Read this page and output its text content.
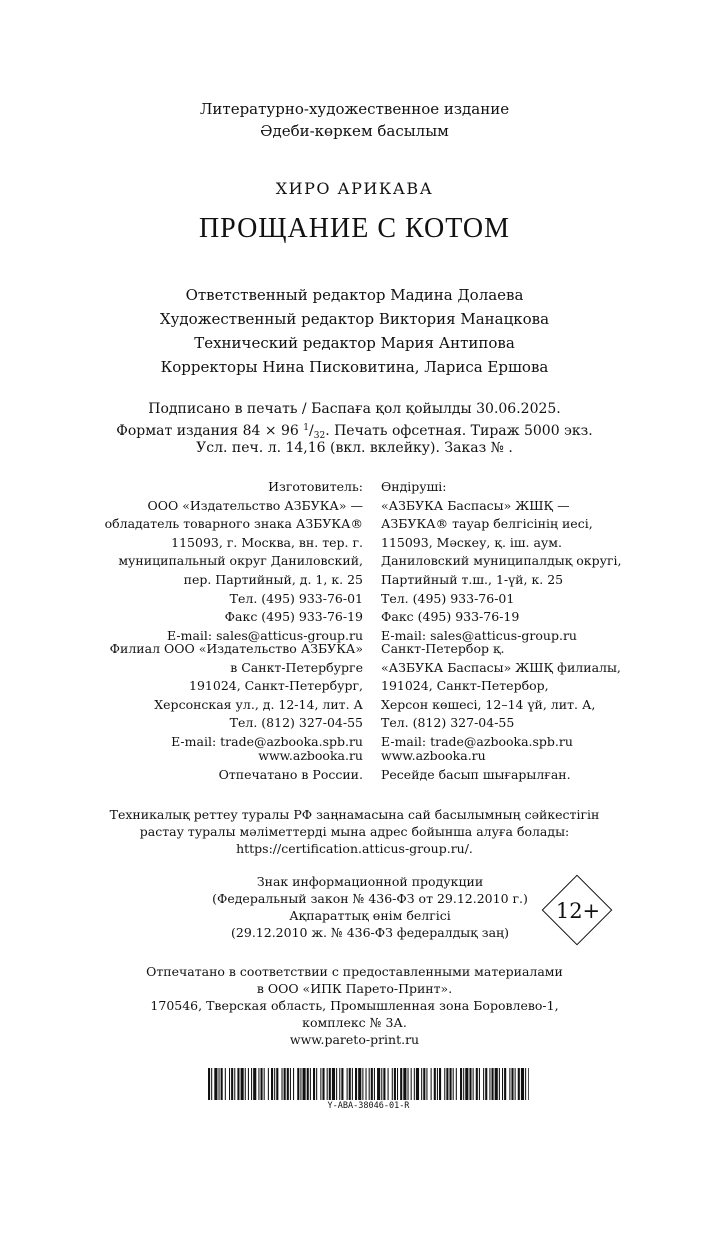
Литературно-художественное издание
Әдеби-көркем басылым
ХИРО АРИКАВА
ПРОЩАНИЕ С КОТОМ
Ответственный редактор Мадина Долаева
Художественный редактор Виктория Манацкова
Технический редактор Мария Антипова
Корректоры Нина Писковитина, Лариса Ершова
Подписано в печать / Баспаға қол қойылды 30.06.2025.
Формат издания 84 × 96 $^1/_{32}$. Печать офсетная. Тираж 5000 экз.
Усл. печ. л. 14,16 (вкл. вклейку). Заказ № .
Изготовитель:
ООО «Издательство АЗБУКА» —
обладатель товарного знака АЗБУКА®
115093, г. Москва, вн. тер. г.
муниципальный округ Даниловский,
пер. Партийный, д. 1, к. 25
Тел. (495) 933-76-01
Факс (495) 933-76-19
E-mail: sales@atticus-group.ru
Филиал ООО «Издательство АЗБУКА»
в Санкт-Петербурге
191024, Санкт-Петербург,
Херсонская ул., д. 12-14, лит. А
Тел. (812) 327-04-55
E-mail: trade@azbooka.spb.ru
www.azbooka.ru
Отпечатано в России.
Өндіруші:
«АЗБУКА Баспасы» ЖШҚ —
АЗБУКА® тауар белгісінің иесі,
115093, Мәскеу, қ. іш. аум.
Даниловский муниципалдық округі,
Партийный т.ш., 1-үй, к. 25
Тел. (495) 933-76-01
Факс (495) 933-76-19
E-mail: sales@atticus-group.ru
Санкт-Петербор қ.
«АЗБУКА Баспасы» ЖШҚ филиалы,
191024, Санкт-Петербор,
Херсон көшесі, 12–14 үй, лит. А,
Тел. (812) 327-04-55
E-mail: trade@azbooka.spb.ru
www.azbooka.ru
Ресейде басып шығарылған.
Техникалық реттеу туралы РФ заңнамасына сай басылымның сәйкестігін
растау туралы мәліметтерді мына адрес бойынша алуға болады:
https://certification.atticus-group.ru/.
Знак информационной продукции
(Федеральный закон № 436-ФЗ от 29.12.2010 г.)
Ақпараттық өнім белгісі
(29.12.2010 ж. № 436-ФЗ федералдық заң)
12+
Отпечатано в соответствии с предоставленными материалами
в ООО «ИПК Парето-Принт».
170546, Тверская область, Промышленная зона Боровлево-1,
комплекс № 3А.
www.pareto-print.ru
Y-ABA-38046-01-R
